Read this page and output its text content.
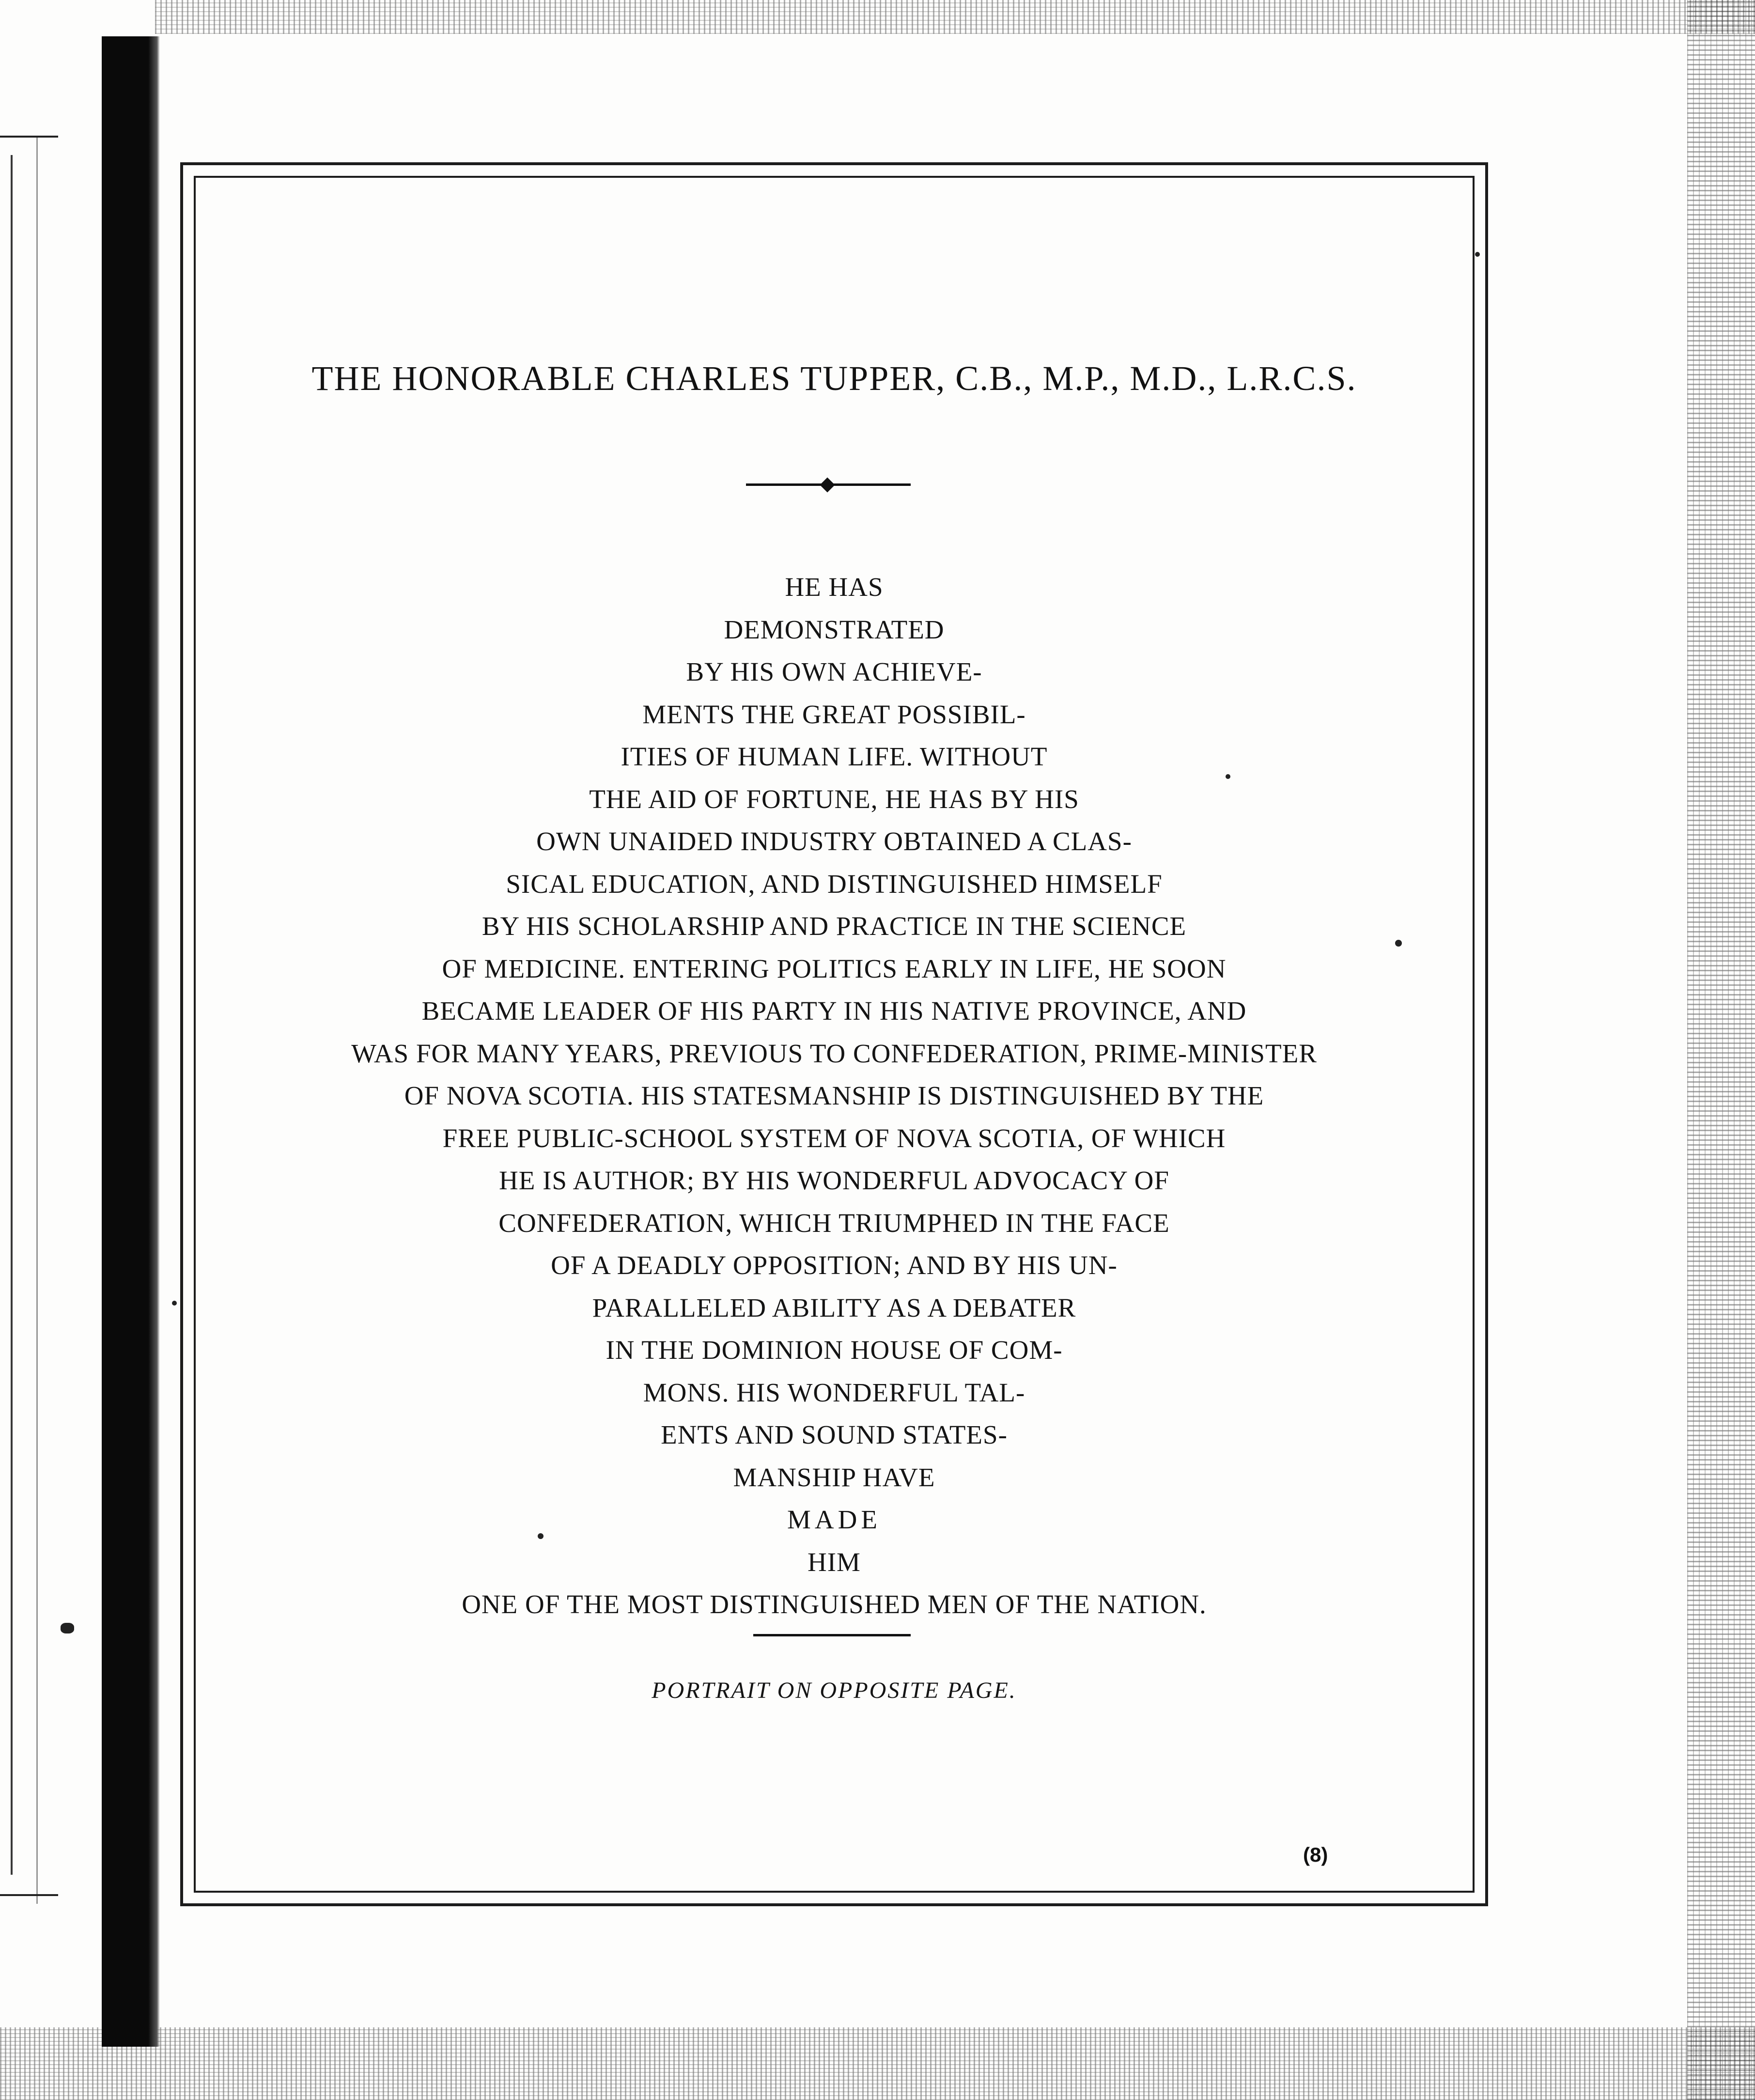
THE HONORABLE CHARLES TUPPER, C.B., M.P., M.D., L.R.C.S.
HE HAS
DEMONSTRATED
BY HIS OWN ACHIEVE-
MENTS THE GREAT POSSIBIL-
ITIES OF HUMAN LIFE. WITHOUT
THE AID OF FORTUNE, HE HAS BY HIS
OWN UNAIDED INDUSTRY OBTAINED A CLAS-
SICAL EDUCATION, AND DISTINGUISHED HIMSELF
BY HIS SCHOLARSHIP AND PRACTICE IN THE SCIENCE
OF MEDICINE. ENTERING POLITICS EARLY IN LIFE, HE SOON
BECAME LEADER OF HIS PARTY IN HIS NATIVE PROVINCE, AND
WAS FOR MANY YEARS, PREVIOUS TO CONFEDERATION, PRIME-MINISTER
OF NOVA SCOTIA. HIS STATESMANSHIP IS DISTINGUISHED BY THE
FREE PUBLIC-SCHOOL SYSTEM OF NOVA SCOTIA, OF WHICH
HE IS AUTHOR; BY HIS WONDERFUL ADVOCACY OF
CONFEDERATION, WHICH TRIUMPHED IN THE FACE
OF A DEADLY OPPOSITION; AND BY HIS UN-
PARALLELED ABILITY AS A DEBATER
IN THE DOMINION HOUSE OF COM-
MONS. HIS WONDERFUL TAL-
ENTS AND SOUND STATES-
MANSHIP HAVE
MADE
HIM
ONE OF THE MOST DISTINGUISHED MEN OF THE NATION.
PORTRAIT ON OPPOSITE PAGE.
(8)
